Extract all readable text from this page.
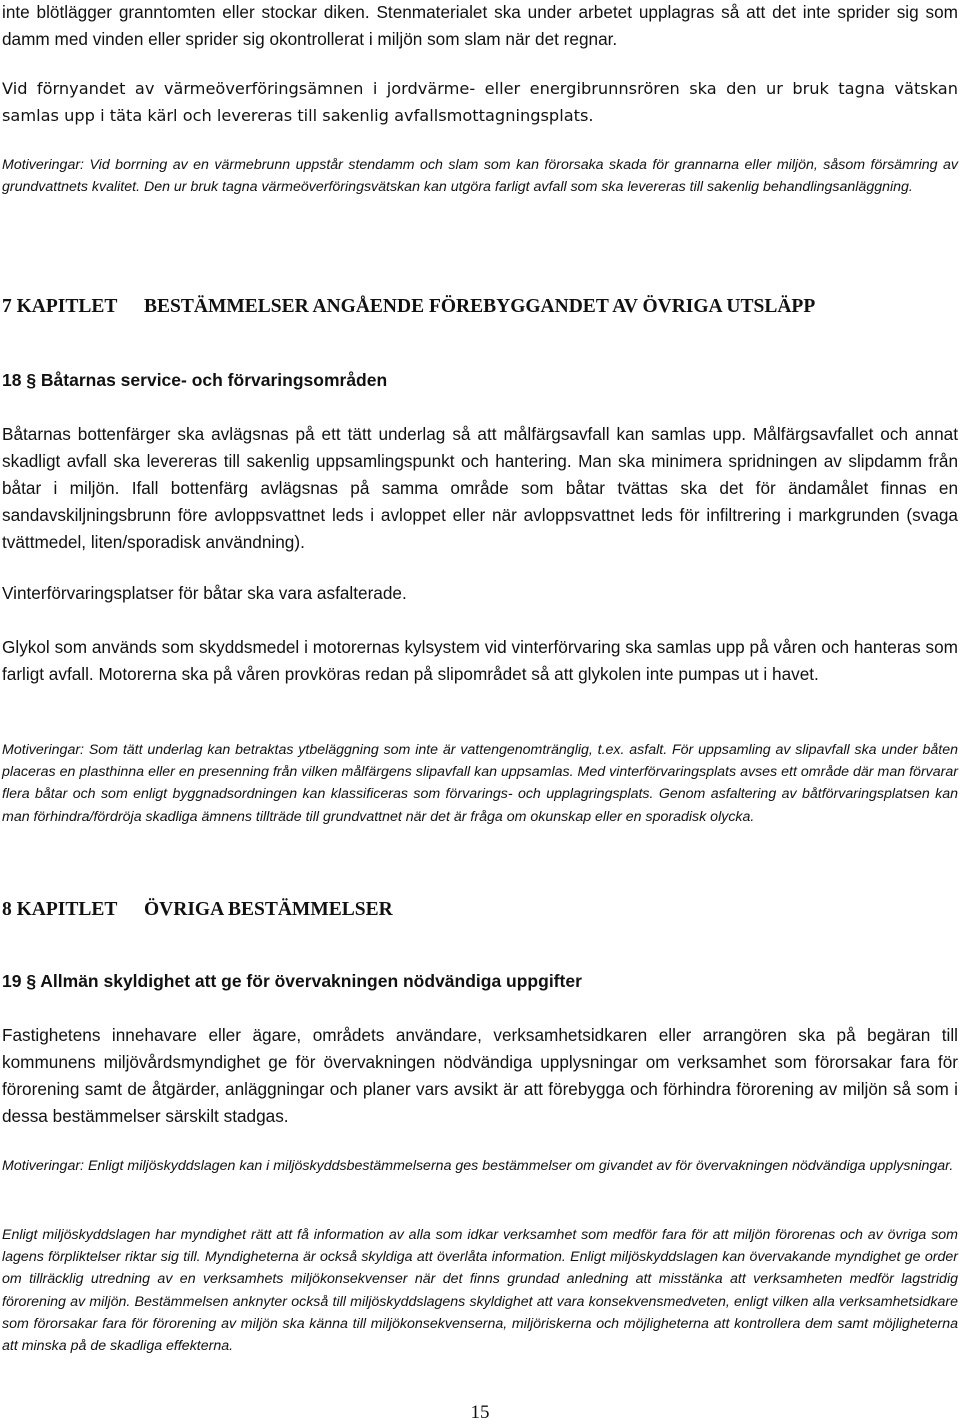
inte blötlägger granntomten eller stockar diken. Stenmaterialet ska under arbetet upplagras så att det inte sprider sig som damm med vinden eller sprider sig okontrollerat i miljön som slam när det regnar.

Vid förnyandet av värmeöverföringsämnen i jordvärme- eller energibrunnsrören ska den ur bruk tagna vätskan samlas upp i täta kärl och levereras till sakenlig avfallsmottagningsplats.

Motiveringar: Vid borrning av en värmebrunn uppstår stendamm och slam som kan förorsaka skada för grannarna eller miljön, såsom försämring av grundvattnets kvalitet. Den ur bruk tagna värmeöverföringsvätskan kan utgöra farligt avfall som ska levereras till sakenlig behandlingsanläggning.

7 KAPITLET BESTÄMMELSER ANGÅENDE FÖREBYGGANDET AV ÖVRIGA UTSLÄPP
18 § Båtarnas service- och förvaringsområden

Båtarnas bottenfärger ska avlägsnas på ett tätt underlag så att målfärgsavfall kan samlas upp. Målfärgsavfallet och annat skadligt avfall ska levereras till sakenlig uppsamlingspunkt och hantering. Man ska minimera spridningen av slipdamm från båtar i miljön. Ifall bottenfärg avlägsnas på samma område som båtar tvättas ska det för ändamålet finnas en sandavskiljningsbrunn före avloppsvattnet leds i avloppet eller när avloppsvattnet leds för infiltrering i markgrunden (svaga tvättmedel, liten/sporadisk användning).

Vinterförvaringsplatser för båtar ska vara asfalterade.

Glykol som används som skyddsmedel i motorernas kylsystem vid vinterförvaring ska samlas upp på våren och hanteras som farligt avfall. Motorerna ska på våren provköras redan på slipområdet så att glykolen inte pumpas ut i havet.

Motiveringar: Som tätt underlag kan betraktas ytbeläggning som inte är vattengenomtränglig, t.ex. asfalt. För uppsamling av slipavfall ska under båten placeras en plasthinna eller en presenning från vilken målfärgens slipavfall kan uppsamlas. Med vinterförvaringsplats avses ett område där man förvarar flera båtar och som enligt byggnadsordningen kan klassificeras som förvarings- och upplagringsplats. Genom asfaltering av båtförvaringsplatsen kan man förhindra/fördröja skadliga ämnens tillträde till grundvattnet när det är fråga om okunskap eller en sporadisk olycka.

8 KAPITLET ÖVRIGA BESTÄMMELSER
19 § Allmän skyldighet att ge för övervakningen nödvändiga uppgifter

Fastighetens innehavare eller ägare, områdets användare, verksamhetsidkaren eller arrangören ska på begäran till kommunens miljövårdsmyndighet ge för övervakningen nödvändiga upplysningar om verksamhet som förorsakar fara för förorening samt de åtgärder, anläggningar och planer vars avsikt är att förebygga och förhindra förorening av miljön så som i dessa bestämmelser särskilt stadgas.

Motiveringar: Enligt miljöskyddslagen kan i miljöskyddsbestämmelserna ges bestämmelser om givandet av för övervakningen nödvändiga upplysningar.

Enligt miljöskyddslagen har myndighet rätt att få information av alla som idkar verksamhet som medför fara för att miljön förorenas och av övriga som lagens förpliktelser riktar sig till. Myndigheterna är också skyldiga att överlåta information. Enligt miljöskyddslagen kan övervakande myndighet ge order om tillräcklig utredning av en verksamhets miljökonsekvenser när det finns grundad anledning att misstänka att verksamheten medför lagstridig förorening av miljön. Bestämmelsen anknyter också till miljöskyddslagens skyldighet att vara konsekvensmedveten, enligt vilken alla verksamhetsidkare som förorsakar fara för förorening av miljön ska känna till miljökonsekvenserna, miljöriskerna och möjligheterna att kontrollera dem samt möjligheterna att minska på de skadliga effekterna.

15
